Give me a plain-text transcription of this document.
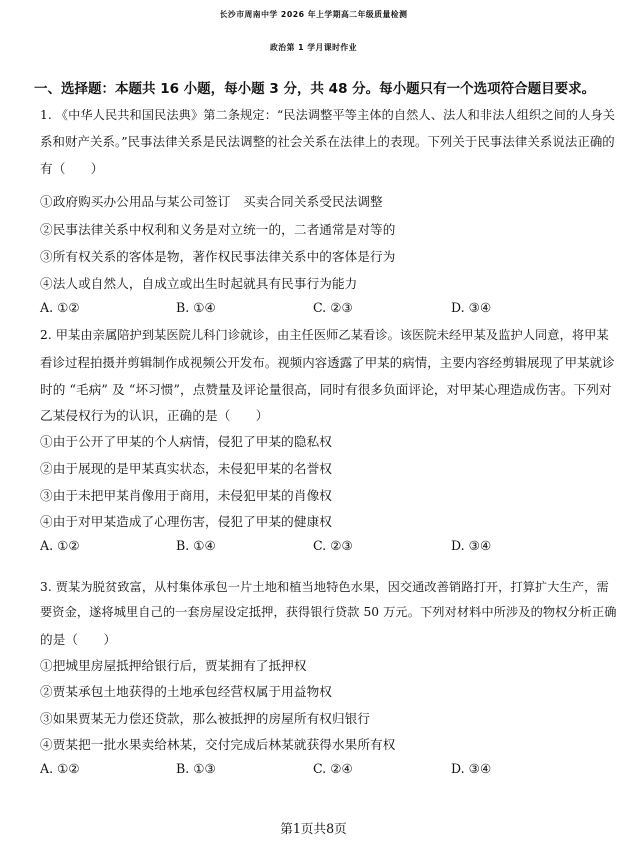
长沙市周南中学 2026 年上学期高二年级质量检测
政治第 1 学月课时作业
一、选择题：本题共 16 小题，每小题 3 分，共 48 分。每小题只有一个选项符合题目要求。
1. 《中华人民共和国民法典》第二条规定：“民法调整平等主体的自然人、法人和非法人组织之间的人身关
系和财产关系。”民事法律关系是民法调整的社会关系在法律上的表现。下列关于民事法律关系说法正确的
有（　　）
①政府购买办公用品与某公司签订　买卖合同关系受民法调整
②民事法律关系中权利和义务是对立统一的，二者通常是对等的
③所有权关系的客体是物，著作权民事法律关系中的客体是行为
④法人或自然人，自成立或出生时起就具有民事行为能力
A. ①②	B. ①④	C. ②③	D. ③④
2. 甲某由亲属陪护到某医院儿科门诊就诊，由主任医师乙某看诊。该医院未经甲某及监护人同意，将甲某
看诊过程拍摄并剪辑制作成视频公开发布。视频内容透露了甲某的病情，主要内容经剪辑展现了甲某就诊
时的 “毛病” 及 “坏习惯”，点赞量及评论量很高，同时有很多负面评论，对甲某心理造成伤害。下列对
乙某侵权行为的认识，正确的是（　　）
①由于公开了甲某的个人病情，侵犯了甲某的隐私权
②由于展现的是甲某真实状态，未侵犯甲某的名誉权
③由于未把甲某肖像用于商用，未侵犯甲某的肖像权
④由于对甲某造成了心理伤害，侵犯了甲某的健康权
A. ①②	B. ①④	C. ②③	D. ③④
3. 贾某为脱贫致富，从村集体承包一片土地和植当地特色水果，因交通改善销路打开，打算扩大生产，需
要资金，遂将城里自己的一套房屋设定抵押，获得银行贷款 50 万元。下列对材料中所涉及的物权分析正确
的是（　　）
①把城里房屋抵押给银行后，贾某拥有了抵押权
②贾某承包土地获得的土地承包经营权属于用益物权
③如果贾某无力偿还贷款，那么被抵押的房屋所有权归银行
④贾某把一批水果卖给林某，交付完成后林某就获得水果所有权
A. ①②	B. ①③	C. ②④	D. ③④
第1页共8页
